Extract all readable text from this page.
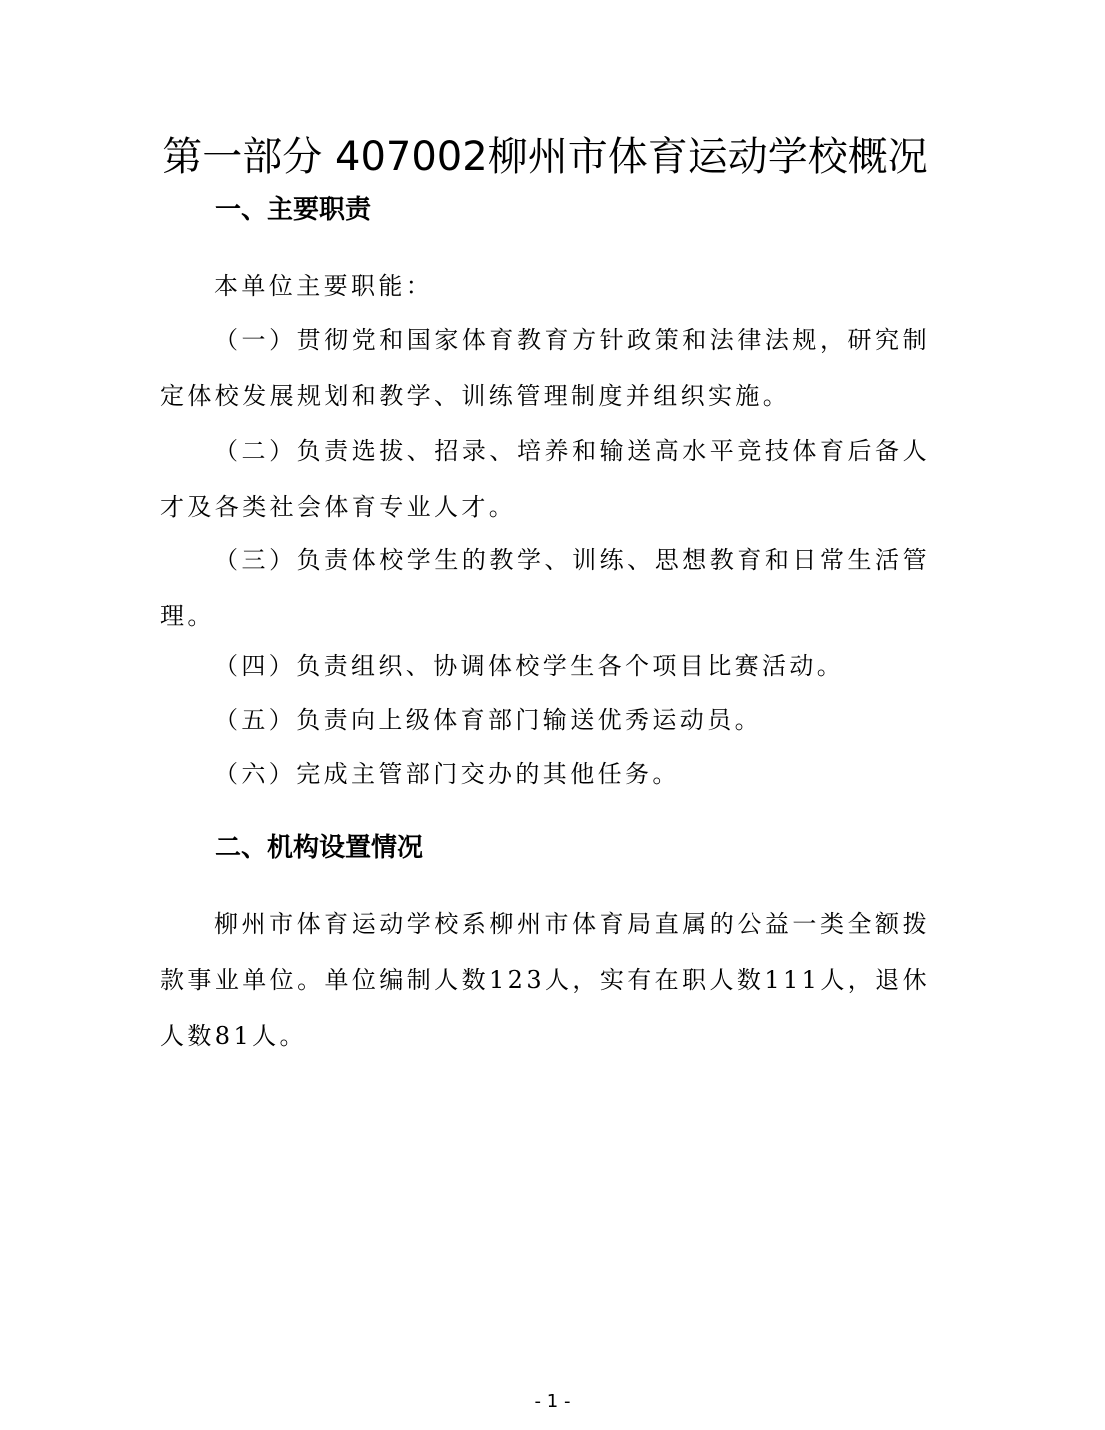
第一部分 407002柳州市体育运动学校概况
一、主要职责

本单位主要职能：

（一）贯彻党和国家体育教育方针政策和法律法规，研究制定体校发展规划和教学、训练管理制度并组织实施。

（二）负责选拔、招录、培养和输送高水平竞技体育后备人才及各类社会体育专业人才。

（三）负责体校学生的教学、训练、思想教育和日常生活管理。

（四）负责组织、协调体校学生各个项目比赛活动。

（五）负责向上级体育部门输送优秀运动员。

（六）完成主管部门交办的其他任务。

二、机构设置情况

柳州市体育运动学校系柳州市体育局直属的公益一类全额拨款事业单位。单位编制人数123人，实有在职人数111人，退休人数81人。

- 1 -
